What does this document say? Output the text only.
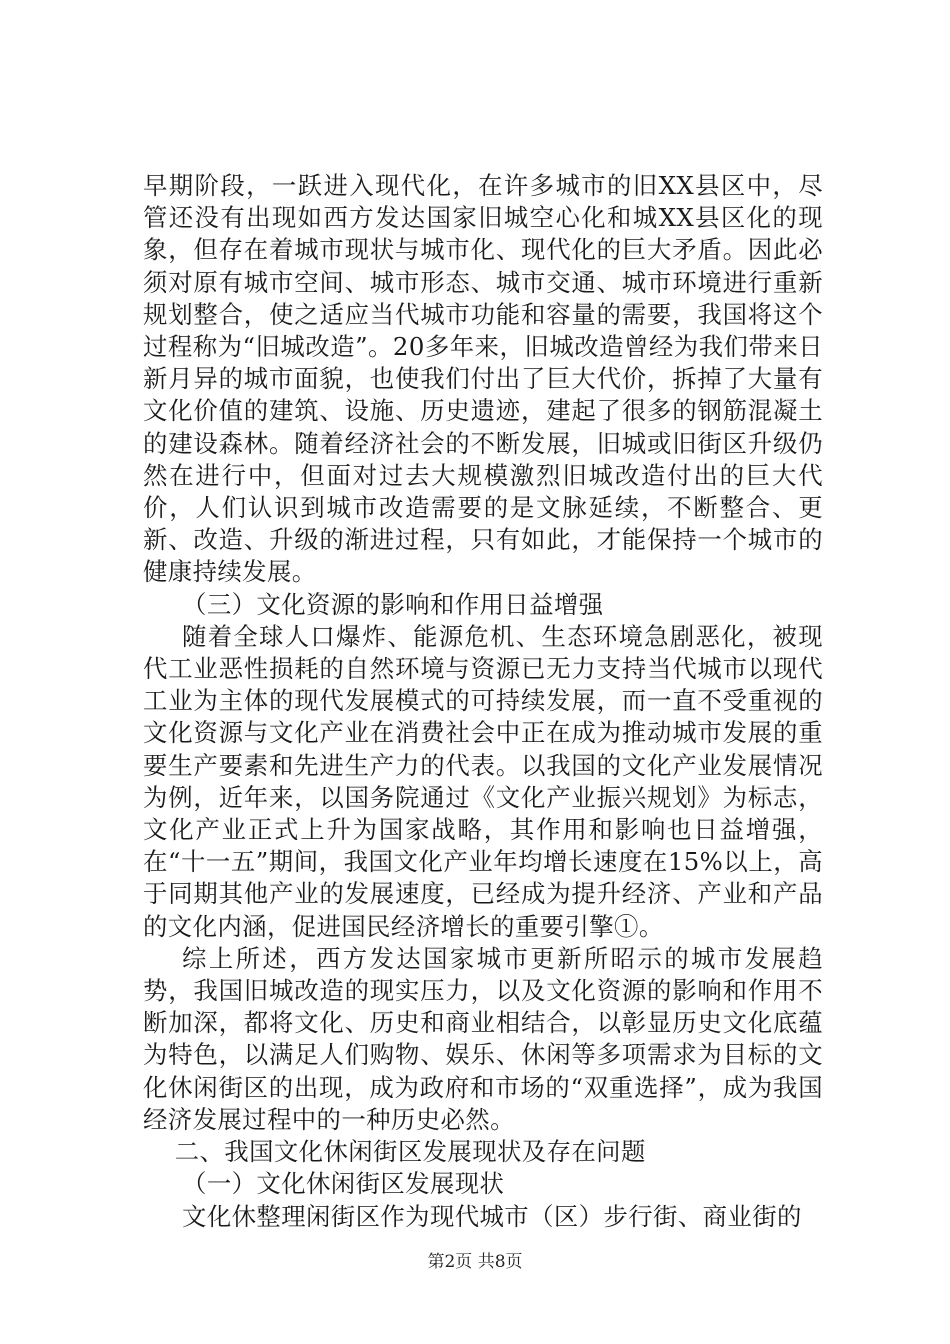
早期阶段，一跃进入现代化，在许多城市的旧XX县区中，尽管还没有出现如西方发达国家旧城空心化和城XX县区化的现象，但存在着城市现状与城市化、现代化的巨大矛盾。因此必须对原有城市空间、城市形态、城市交通、城市环境进行重新规划整合，使之适应当代城市功能和容量的需要，我国将这个过程称为“旧城改造”。20多年来，旧城改造曾经为我们带来日新月异的城市面貌，也使我们付出了巨大代价，拆掉了大量有文化价值的建筑、设施、历史遗迹，建起了很多的钢筋混凝土的建设森林。随着经济社会的不断发展，旧城或旧街区升级仍然在进行中，但面对过去大规模激烈旧城改造付出的巨大代价，人们认识到城市改造需要的是文脉延续，不断整合、更新、改造、升级的渐进过程，只有如此，才能保持一个城市的健康持续发展。

（三）文化资源的影响和作用日益增强

随着全球人口爆炸、能源危机、生态环境急剧恶化，被现代工业恶性损耗的自然环境与资源已无力支持当代城市以现代工业为主体的现代发展模式的可持续发展，而一直不受重视的文化资源与文化产业在消费社会中正在成为推动城市发展的重要生产要素和先进生产力的代表。以我国的文化产业发展情况为例，近年来，以国务院通过《文化产业振兴规划》为标志，文化产业正式上升为国家战略，其作用和影响也日益增强，在“十一五”期间，我国文化产业年均增长速度在15%以上，高于同期其他产业的发展速度，已经成为提升经济、产业和产品的文化内涵，促进国民经济增长的重要引擎①。

综上所述，西方发达国家城市更新所昭示的城市发展趋势，我国旧城改造的现实压力，以及文化资源的影响和作用不断加深，都将文化、历史和商业相结合，以彰显历史文化底蕴为特色，以满足人们购物、娱乐、休闲等多项需求为目标的文化休闲街区的出现，成为政府和市场的“双重选择”，成为我国经济发展过程中的一种历史必然。

二、我国文化休闲街区发展现状及存在问题

（一）文化休闲街区发展现状

文化休整理闲街区作为现代城市（区）步行街、商业街的

第2页 共8页
